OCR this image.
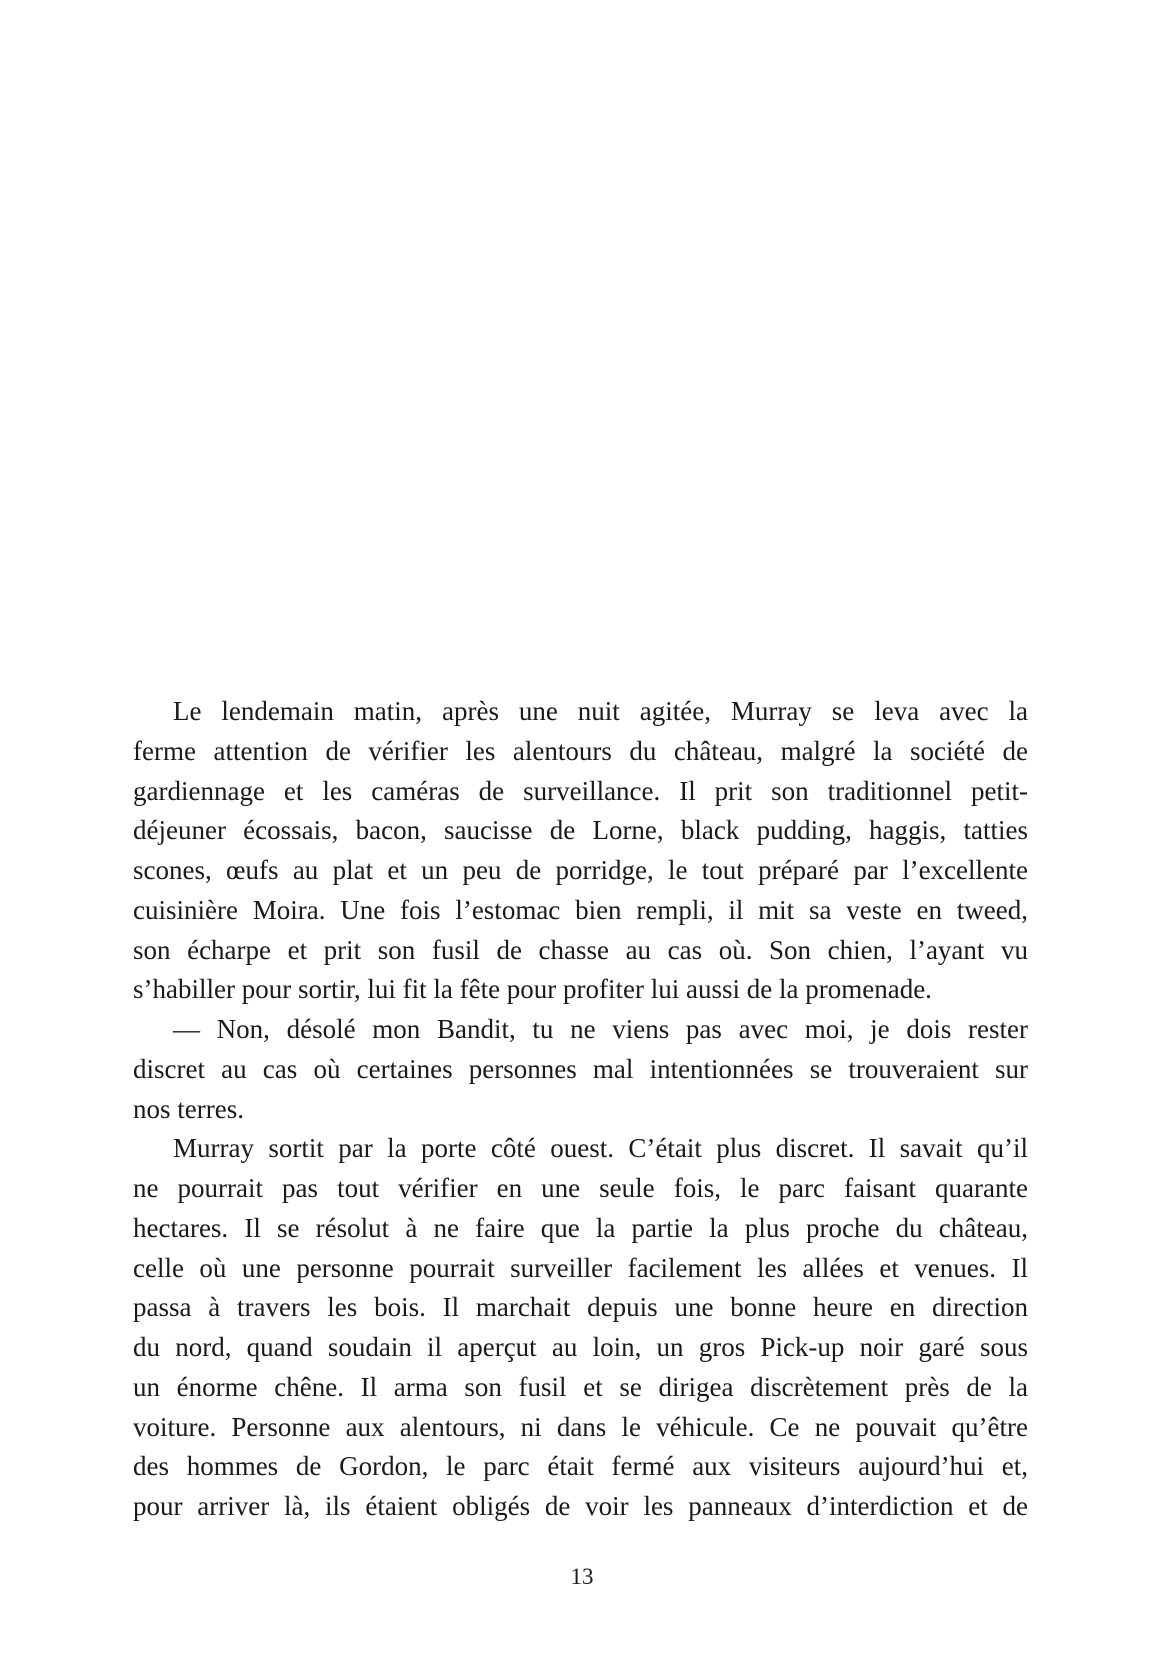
Le lendemain matin, après une nuit agitée, Murray se leva avec la
ferme attention de vérifier les alentours du château, malgré la société de
gardiennage et les caméras de surveillance. Il prit son traditionnel petit-
déjeuner écossais, bacon, saucisse de Lorne, black pudding, haggis, tatties
scones, œufs au plat et un peu de porridge, le tout préparé par l’excellente
cuisinière Moira. Une fois l’estomac bien rempli, il mit sa veste en tweed,
son écharpe et prit son fusil de chasse au cas où. Son chien, l’ayant vu
s’habiller pour sortir, lui fit la fête pour profiter lui aussi de la promenade.

— Non, désolé mon Bandit, tu ne viens pas avec moi, je dois rester
discret au cas où certaines personnes mal intentionnées se trouveraient sur
nos terres.

Murray sortit par la porte côté ouest. C’était plus discret. Il savait qu’il
ne pourrait pas tout vérifier en une seule fois, le parc faisant quarante
hectares. Il se résolut à ne faire que la partie la plus proche du château,
celle où une personne pourrait surveiller facilement les allées et venues. Il
passa à travers les bois. Il marchait depuis une bonne heure en direction
du nord, quand soudain il aperçut au loin, un gros Pick-up noir garé sous
un énorme chêne. Il arma son fusil et se dirigea discrètement près de la
voiture. Personne aux alentours, ni dans le véhicule. Ce ne pouvait qu’être
des hommes de Gordon, le parc était fermé aux visiteurs aujourd’hui et,
pour arriver là, ils étaient obligés de voir les panneaux d’interdiction et de

13
